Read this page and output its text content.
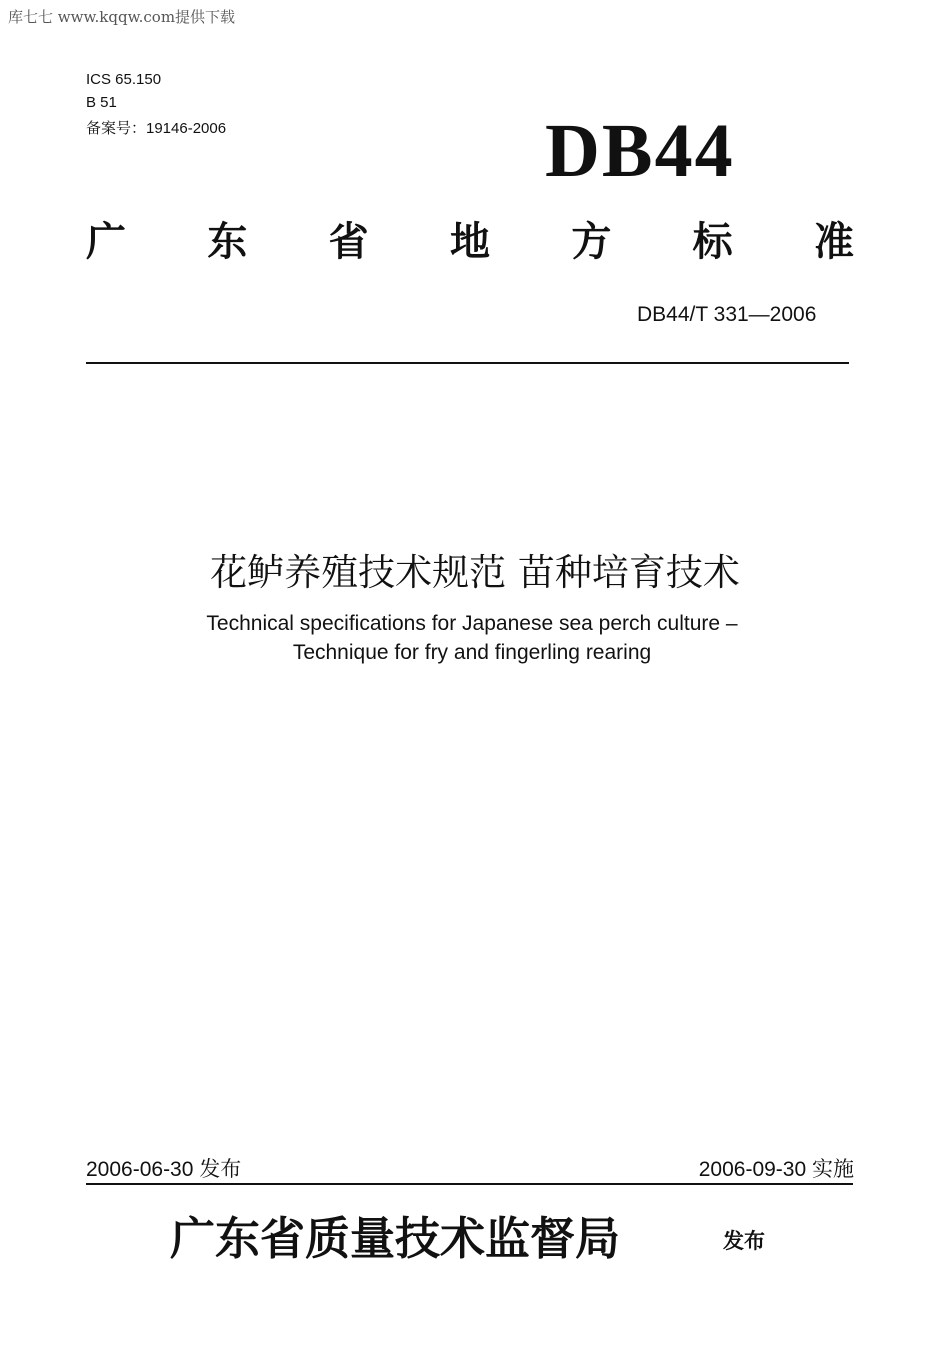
库七七 www.kqqw.com提供下载
ICS 65.150
B 51
备案号：19146-2006	DB44
广 东 省 地 方 标 准
DB44/T 331—2006
花鲈养殖技术规范 苗种培育技术
Technical specifications for Japanese sea perch culture –
Technique for fry and fingerling rearing
2006-06-30 发布	2006-09-30 实施
广东省质量技术监督局	发布
